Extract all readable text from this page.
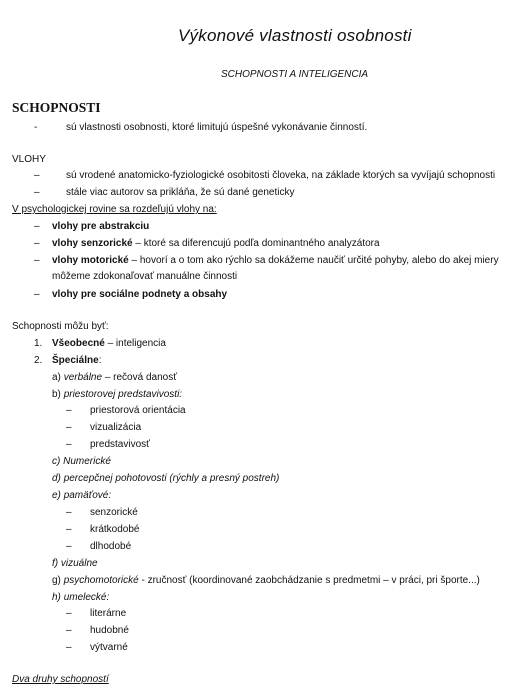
Výkonové vlastnosti osobnosti
SCHOPNOSTI A INTELIGENCIA
SCHOPNOSTI
-	sú vlastnosti osobnosti, ktoré limitujú úspešné vykonávanie činností.
VLOHY
–	sú vrodené anatomicko-fyziologické osobitosti človeka, na základe ktorých sa vyvíjajú schopnosti
–	stále viac autorov sa prikláňa, že sú dané geneticky
V psychologickej rovine sa rozdeľujú vlohy na:
– vlohy pre abstrakciu
– vlohy senzorické – ktoré sa diferencujú podľa dominantného analyzátora
– vlohy motorické – hovorí a o tom ako rýchlo sa dokážeme naučiť určité pohyby, alebo do akej miery
môžeme zdokonaľovať manuálne činnosti
– vlohy pre sociálne podnety a obsahy
Schopnosti môžu byť:
1. Všeobecné – inteligencia
2. Špeciálne:
a) verbálne – rečová danosť
b) priestorovej predstavivosti:
– priestorová orientácia
– vizualizácia
– predstavivosť
c) Numerické
d) percepčnej pohotovosti (rýchly a presný postreh)
e) pamäťové:
– senzorické
– krátkodobé
– dlhodobé
f) vizuálne
g) psychomotorické - zručnosť (koordinované zaobchádzanie s predmetmi – v práci, pri športe...)
h) umelecké:
– literárne
– hudobné
– výtvarné
Dva druhy schopností
